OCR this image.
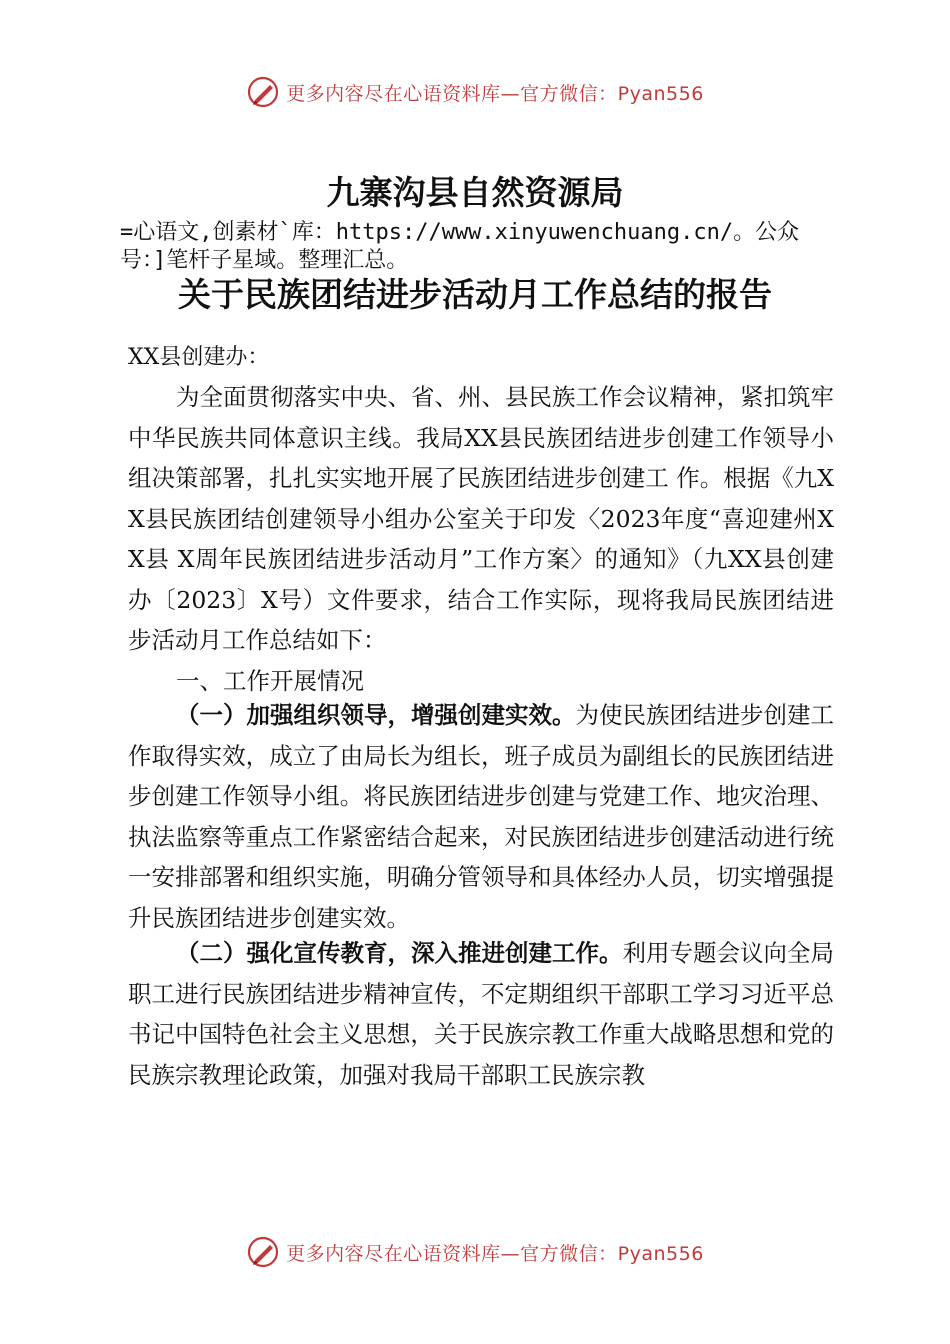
更多内容尽在心语资料库—官方微信：Pyan556
九寨沟县自然资源局

=心语文,创素材`库：https://www.xinyuwenchuang.cn/。公众号：]笔杆子星域。整理汇总。

关于民族团结进步活动月工作总结的报告

XX县创建办：

为全面贯彻落实中央、省、州、县民族工作会议精神，紧扣筑牢中华民族共同体意识主线。我局XX县民族团结进步创建工作领导小组决策部署，扎扎实实地开展了民族团结进步创建工 作。根据《九XX县民族团结创建领导小组办公室关于印发〈2023年度“喜迎建州XX县 X周年民族团结进步活动月”工作方案〉的通知》（九XX县创建办〔2023〕X号）文件要求，结合工作实际，现将我局民族团结进步活动月工作总结如下：

一、工作开展情况

（一）加强组织领导，增强创建实效。为使民族团结进步创建工作取得实效，成立了由局长为组长，班子成员为副组长的民族团结进步创建工作领导小组。将民族团结进步创建与党建工作、地灾治理、执法监察等重点工作紧密结合起来，对民族团结进步创建活动进行统一安排部署和组织实施，明确分管领导和具体经办人员，切实增强提升民族团结进步创建实效。

（二）强化宣传教育，深入推进创建工作。利用专题会议向全局职工进行民族团结进步精神宣传，不定期组织干部职工学习习近平总书记中国特色社会主义思想，关于民族宗教工作重大战略思想和党的民族宗教理论政策，加强对我局干部职工民族宗教

更多内容尽在心语资料库—官方微信：Pyan556
